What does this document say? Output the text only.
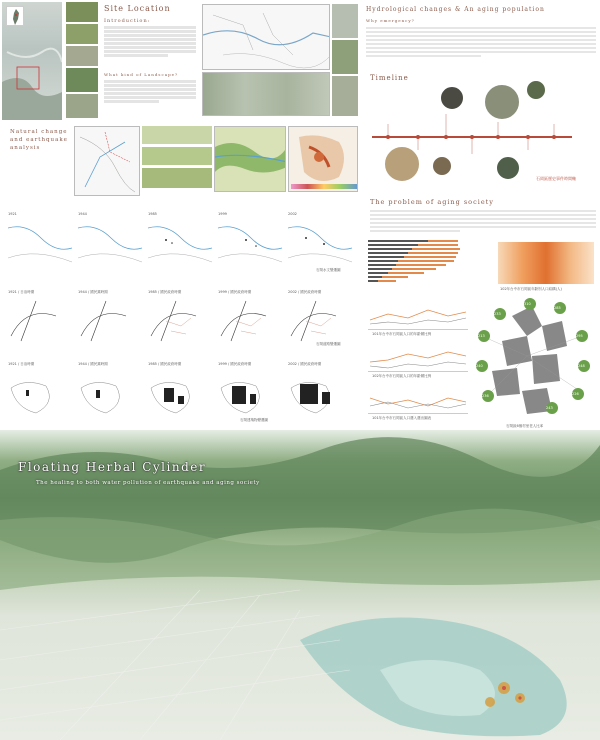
Site Location
Introduction:
What kind of Landscape?
Natural change and earthquake analysis
1921	1944	1985	1999	2002
石岡水文變遷圖
1921 / 日治時期	1944 / 國民黨時期	1985 / 國民政府時期	1999 / 國民政府時期	2002 / 國民政府時期
石岡道路變遷圖
1921 / 日治時期	1944 / 國民黨時期	1985 / 國民政府時期	1999 / 國民政府時期	2002 / 國民政府時期
石岡建築物變遷圖
Hydrological changes & An aging population
Why emergency?
Timeline
石岡區歷史事件時間軸
The problem of aging society
102年台中市石岡區年齡別人口結構(人)
101年台中市石岡區人口的年齡層比例
102年台中市石岡區人口的年齡層比例
101年台中市石岡區人口遷入遷出圖表
213
233
310
285
295
248
226
243
236
240
石岡區6個村里老人比率
Floating Herbal Cylinder
The healing to both water pollution of earthquake and aging society
